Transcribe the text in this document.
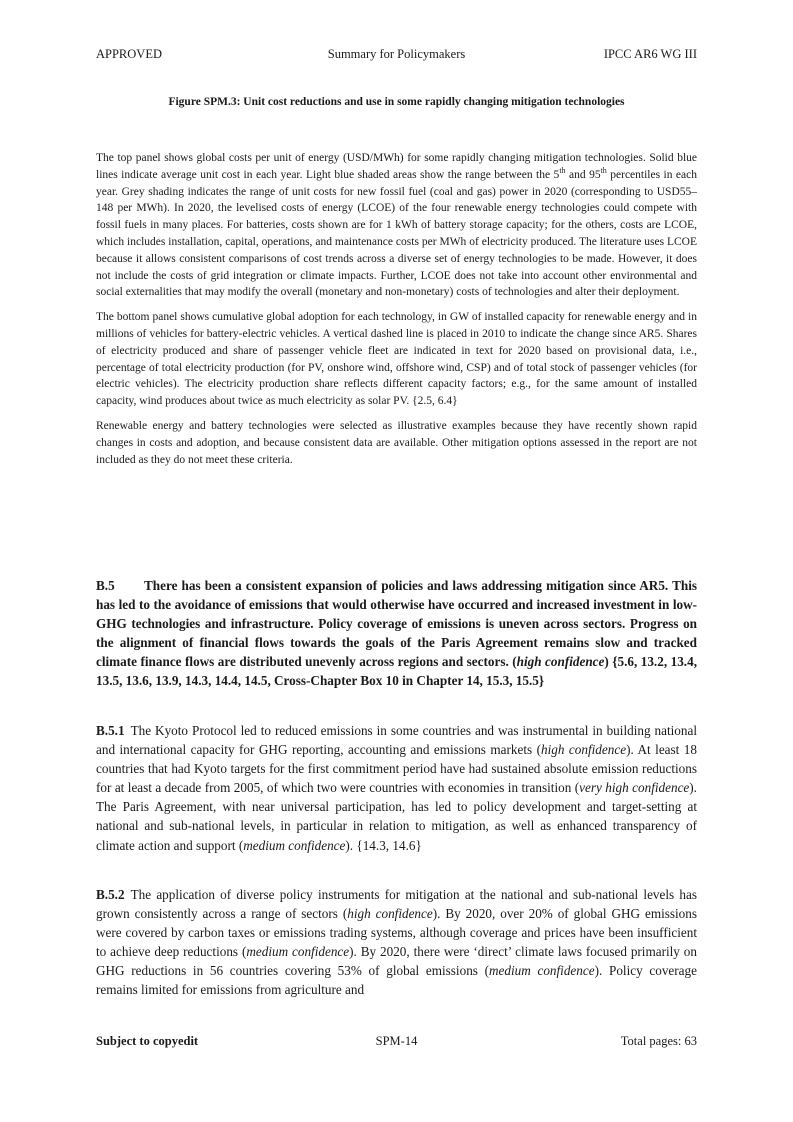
APPROVED	Summary for Policymakers	IPCC AR6 WG III
Figure SPM.3: Unit cost reductions and use in some rapidly changing mitigation technologies

The top panel shows global costs per unit of energy (USD/MWh) for some rapidly changing mitigation technologies. Solid blue lines indicate average unit cost in each year. Light blue shaded areas show the range between the 5th and 95th percentiles in each year. Grey shading indicates the range of unit costs for new fossil fuel (coal and gas) power in 2020 (corresponding to USD55–148 per MWh). In 2020, the levelised costs of energy (LCOE) of the four renewable energy technologies could compete with fossil fuels in many places. For batteries, costs shown are for 1 kWh of battery storage capacity; for the others, costs are LCOE, which includes installation, capital, operations, and maintenance costs per MWh of electricity produced. The literature uses LCOE because it allows consistent comparisons of cost trends across a diverse set of energy technologies to be made. However, it does not include the costs of grid integration or climate impacts. Further, LCOE does not take into account other environmental and social externalities that may modify the overall (monetary and non-monetary) costs of technologies and alter their deployment.

The bottom panel shows cumulative global adoption for each technology, in GW of installed capacity for renewable energy and in millions of vehicles for battery-electric vehicles. A vertical dashed line is placed in 2010 to indicate the change since AR5. Shares of electricity produced and share of passenger vehicle fleet are indicated in text for 2020 based on provisional data, i.e., percentage of total electricity production (for PV, onshore wind, offshore wind, CSP) and of total stock of passenger vehicles (for electric vehicles). The electricity production share reflects different capacity factors; e.g., for the same amount of installed capacity, wind produces about twice as much electricity as solar PV. {2.5, 6.4}

Renewable energy and battery technologies were selected as illustrative examples because they have recently shown rapid changes in costs and adoption, and because consistent data are available. Other mitigation options assessed in the report are not included as they do not meet these criteria.

B.5 There has been a consistent expansion of policies and laws addressing mitigation since AR5. This has led to the avoidance of emissions that would otherwise have occurred and increased investment in low-GHG technologies and infrastructure. Policy coverage of emissions is uneven across sectors. Progress on the alignment of financial flows towards the goals of the Paris Agreement remains slow and tracked climate finance flows are distributed unevenly across regions and sectors. (high confidence) {5.6, 13.2, 13.4, 13.5, 13.6, 13.9, 14.3, 14.4, 14.5, Cross-Chapter Box 10 in Chapter 14, 15.3, 15.5}
B.5.1 The Kyoto Protocol led to reduced emissions in some countries and was instrumental in building national and international capacity for GHG reporting, accounting and emissions markets (high confidence). At least 18 countries that had Kyoto targets for the first commitment period have had sustained absolute emission reductions for at least a decade from 2005, of which two were countries with economies in transition (very high confidence). The Paris Agreement, with near universal participation, has led to policy development and target-setting at national and sub-national levels, in particular in relation to mitigation, as well as enhanced transparency of climate action and support (medium confidence). {14.3, 14.6}
B.5.2 The application of diverse policy instruments for mitigation at the national and sub-national levels has grown consistently across a range of sectors (high confidence). By 2020, over 20% of global GHG emissions were covered by carbon taxes or emissions trading systems, although coverage and prices have been insufficient to achieve deep reductions (medium confidence). By 2020, there were ‘direct’ climate laws focused primarily on GHG reductions in 56 countries covering 53% of global emissions (medium confidence). Policy coverage remains limited for emissions from agriculture and
Subject to copyedit	SPM-14	Total pages: 63
